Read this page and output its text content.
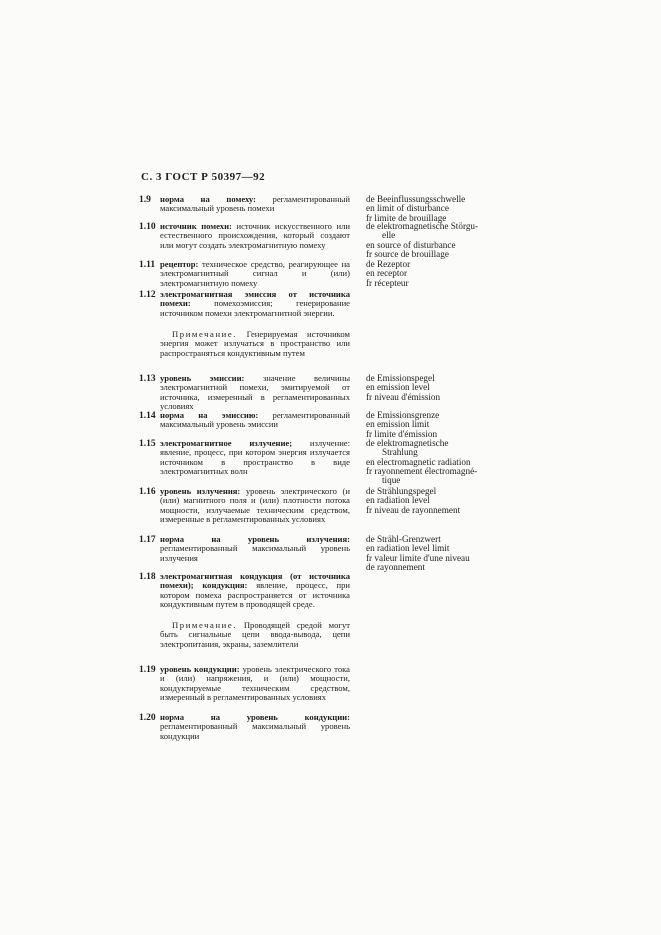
С. 3 ГОСТ Р 50397—92
1.9 норма на помеху: регламентированный максимальный уровень помехи
de Beeinflussungsschwelle
en limit of disturbance
fr limite de brouillage
1.10 источник помехи: источник искусственного или естественного происхождения, который создают или могут создать электромагнитную помеху
de elektromagnetische Störgu-
elle
en source of disturbance
fr source de brouillage
1.11 рецептор: техническое средство, реагирующее на электромагнитный сигнал и (или) электромагнитную помеху
de Rezeptor
en receptor
fr récepteur
1.12 электромагнитная эмиссия от источника помехи: помехоэмиссия; генерирование источником помехи электромагнитной энергии.
Примечание. Генерируемая источником энергия может излучаться в пространство или распространяться кондуктивным путем
1.13 уровень эмиссии: значение величины электромагнитной помехи, эмитируемой от источника, измеренный в регламентированных условиях
de Emissionspegel
en emission level
fr niveau d'émission
1.14 норма на эмиссию: регламентированный максимальный уровень эмиссии
de Emissionsgrenze
en emission limit
fr limite d'émission
1.15 электромагнитное излучение; излучение: явление, процесс, при котором энергия излучается источником в пространство в виде электромагнитных волн
de elektromagnetische
Strahlung
en electromagnetic radiation
fr rayonnement électromagné-
tique
1.16 уровень излучения: уровень электрического (и (или) магнитного поля и (или) плотности потока мощности, излучаемые техническим средством, измеренные в регламентированных условиях
de Strählungspegel
en radiation level
fr niveau de rayonnement
1.17 норма на уровень излучения: регламентированный максимальный уровень излучения
de Strähl-Grenzwert
en radiation level limit
fr valeur limite d'une niveau
de rayonnement
1.18 электромагнитная кондукция (от источника помехи); кондукция: явление, процесс, при котором помеха распространяется от источника кондуктивным путем в проводящей среде.
Примечание. Проводящей средой могут быть сигнальные цепи ввода-вывода, цепи электропитания, экраны, заземлители
1.19 уровень кондукции: уровень электрического тока и (или) напряжения, и (или) мощности, кондуктируемые техническим средством, измеренный в регламентированных условиях
1.20 норма на уровень кондукции: регламентированный максимальный уровень кондукции
